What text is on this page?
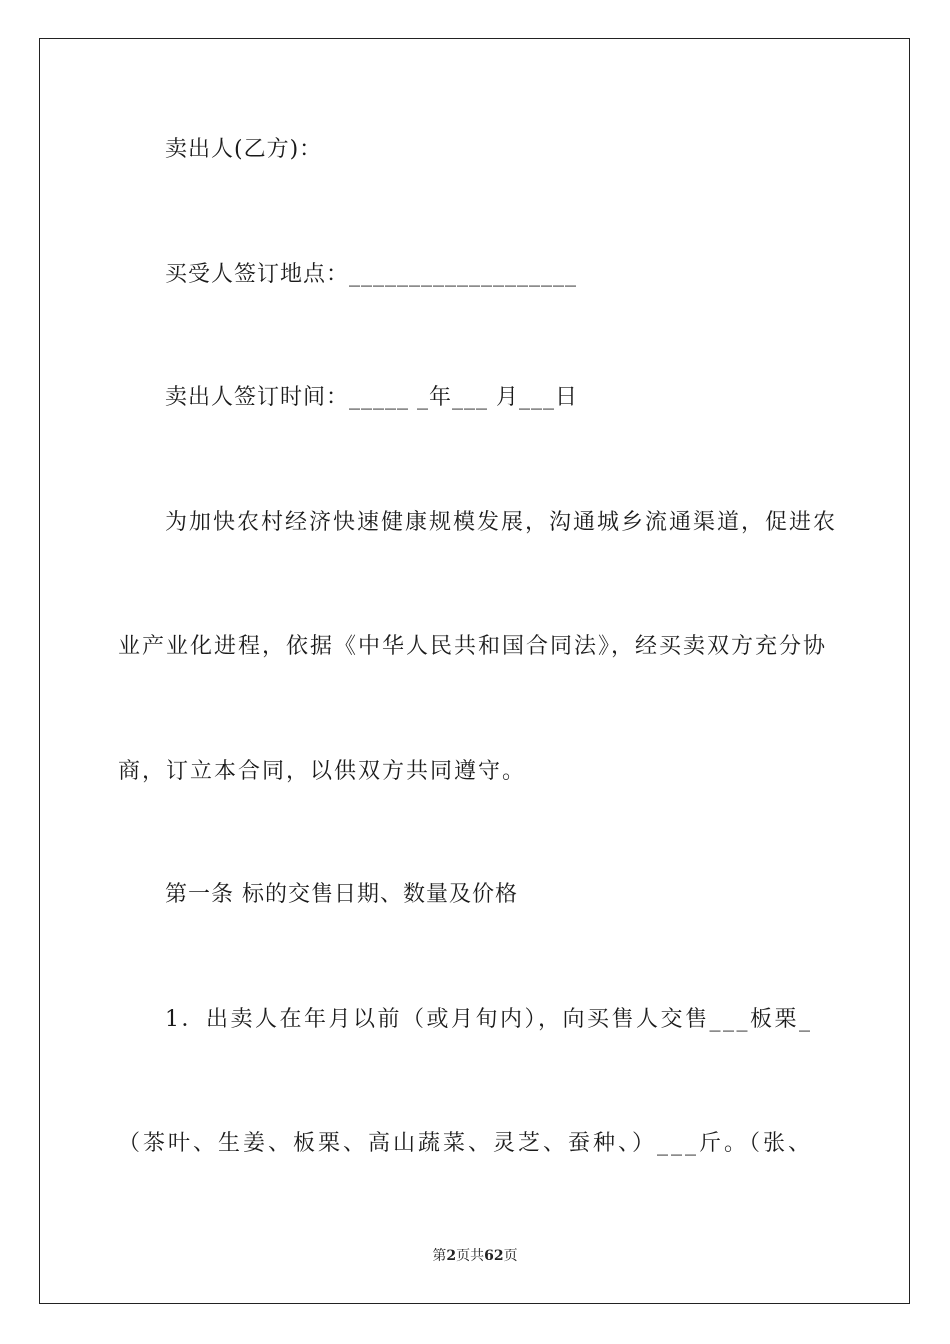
卖出人(乙方)：
买受人签订地点：___________________
卖出人签订时间：_____ _年___ 月___日
为加快农村经济快速健康规模发展，沟通城乡流通渠道，促进农
业产业化进程，依据《中华人民共和国合同法》，经买卖双方充分协
商，订立本合同，以供双方共同遵守。
第一条 标的交售日期、数量及价格
1．出卖人在年月以前（或月旬内），向买售人交售___板栗_
（茶叶、生姜、板栗、高山蔬菜、灵芝、蚕种、）___斤。（张、
第2页共62页
